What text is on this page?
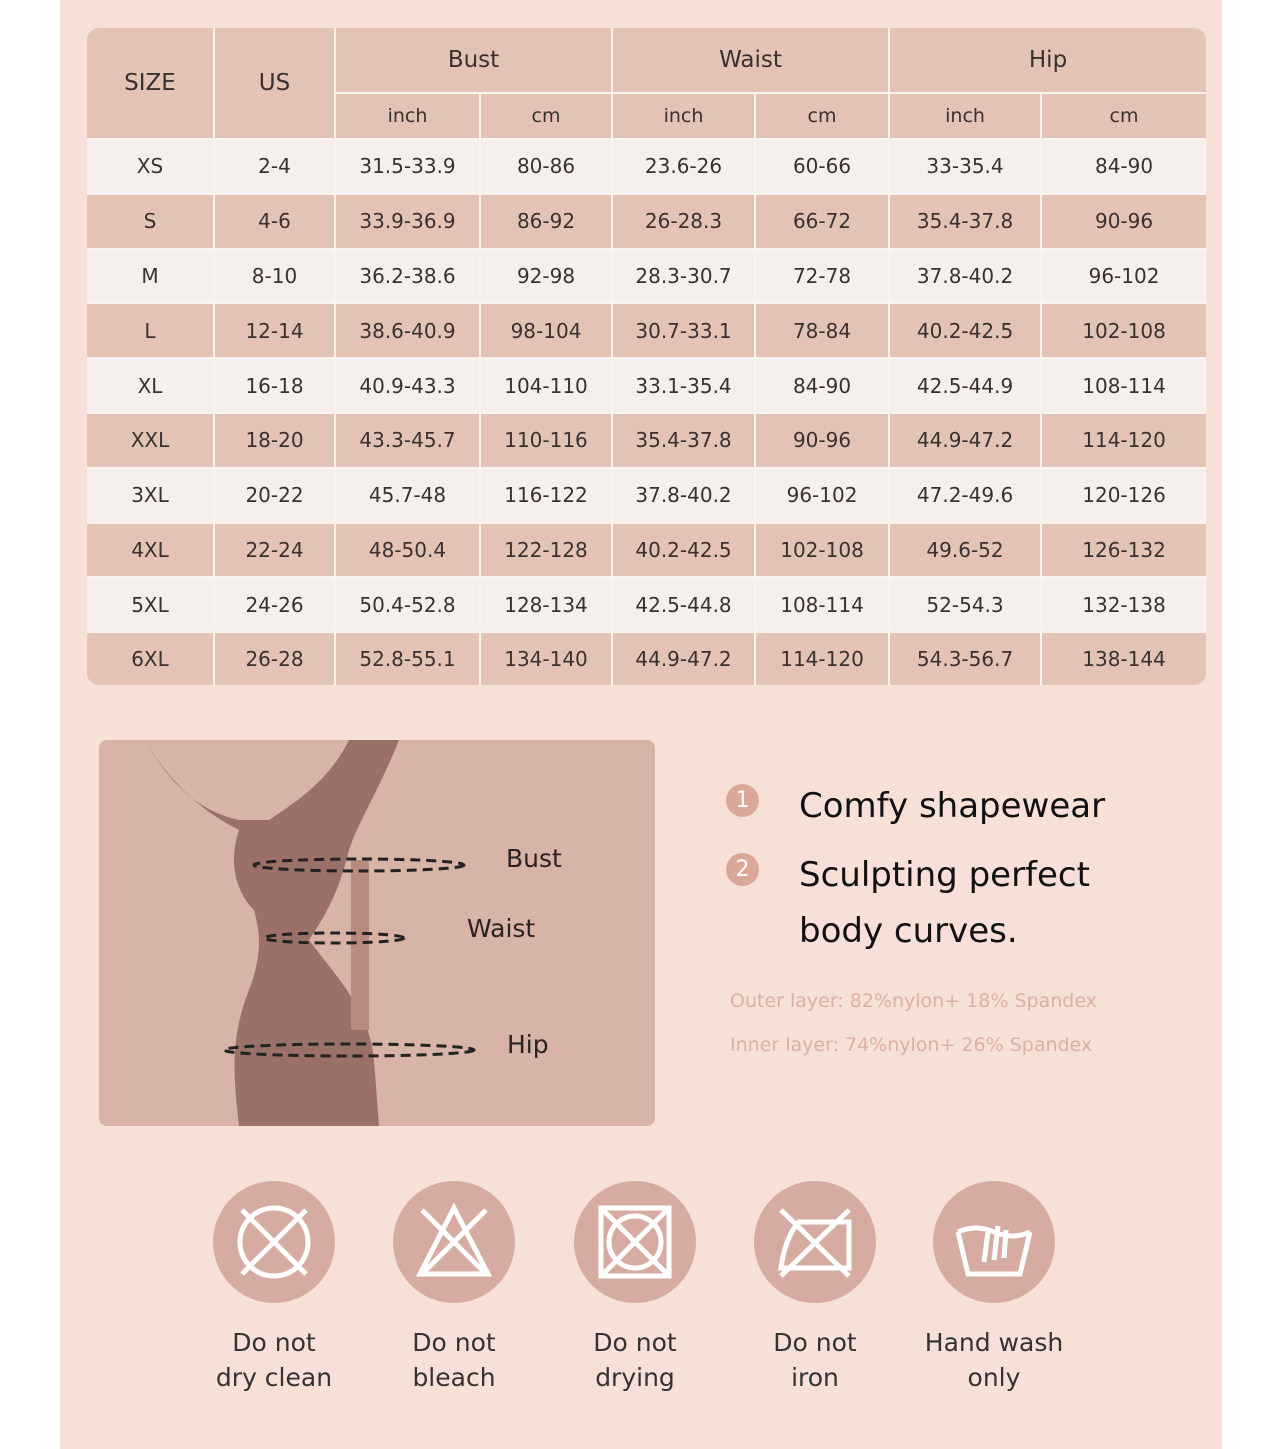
SIZE	US	Bust		Waist		Hip	
		inch	cm	inch	cm	inch	cm
XS	2-4	31.5-33.9	80-86	23.6-26	60-66	33-35.4	84-90
S	4-6	33.9-36.9	86-92	26-28.3	66-72	35.4-37.8	90-96
M	8-10	36.2-38.6	92-98	28.3-30.7	72-78	37.8-40.2	96-102
L	12-14	38.6-40.9	98-104	30.7-33.1	78-84	40.2-42.5	102-108
XL	16-18	40.9-43.3	104-110	33.1-35.4	84-90	42.5-44.9	108-114
XXL	18-20	43.3-45.7	110-116	35.4-37.8	90-96	44.9-47.2	114-120
3XL	20-22	45.7-48	116-122	37.8-40.2	96-102	47.2-49.6	120-126
4XL	22-24	48-50.4	122-128	40.2-42.5	102-108	49.6-52	126-132
5XL	24-26	50.4-52.8	128-134	42.5-44.8	108-114	52-54.3	132-138
6XL	26-28	52.8-55.1	134-140	44.9-47.2	114-120	54.3-56.7	138-144
Bust
Waist
Hip
1 Comfy shapewear
2 Sculpting perfect body curves.
Outer layer: 82%nylon+ 18% Spandex
Inner layer: 74%nylon+ 26% Spandex
Do not
dry clean
Do not
bleach
Do not
drying
Do not
iron
Hand wash
only
